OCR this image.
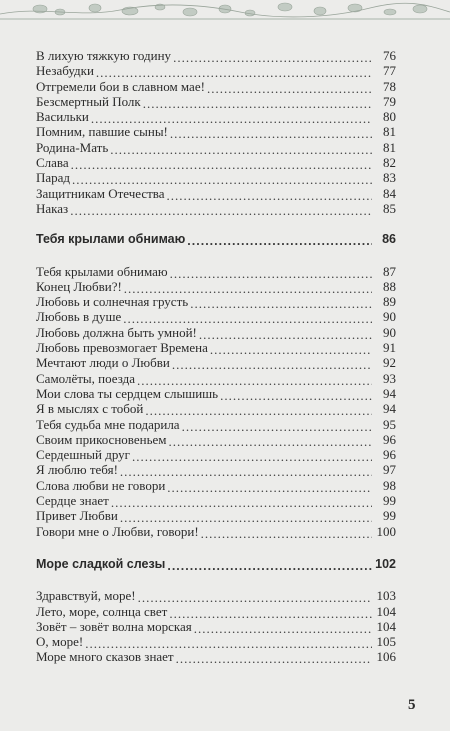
В лихую тяжкую годину .....	76
Незабудки .....	77
Отгремели бои в славном мае! .....	78
Безсмертный Полк .....	79
Васильки .....	80
Помним, павшие сыны! .....	81
Родина-Мать .....	81
Слава .....	82
Парад .....	83
Защитникам Отечества .....	84
Наказ .....	85
Тебя крылами обнимаю .....	86
Тебя крылами обнимаю .....	87
Конец Любви?! .....	88
Любовь и солнечная грусть .....	89
Любовь в душе .....	90
Любовь должна быть умной! .....	90
Любовь превозмогает Времена .....	91
Мечтают люди о Любви .....	92
Самолёты, поезда .....	93
Мои слова ты сердцем слышишь .....	94
Я в мыслях с тобой .....	94
Тебя судьба мне подарила .....	95
Своим прикосновеньем .....	96
Сердешный друг .....	96
Я люблю тебя! .....	97
Слова любви не говори .....	98
Сердце знает .....	99
Привет Любви .....	99
Говори мне о Любви, говори! .....	100
Море сладкой слезы .....	102
Здравствуй, море! .....	103
Лето, море, солнца свет .....	104
Зовёт – зовёт волна морская .....	104
О, море! .....	105
Море много сказов знает .....	106
5
